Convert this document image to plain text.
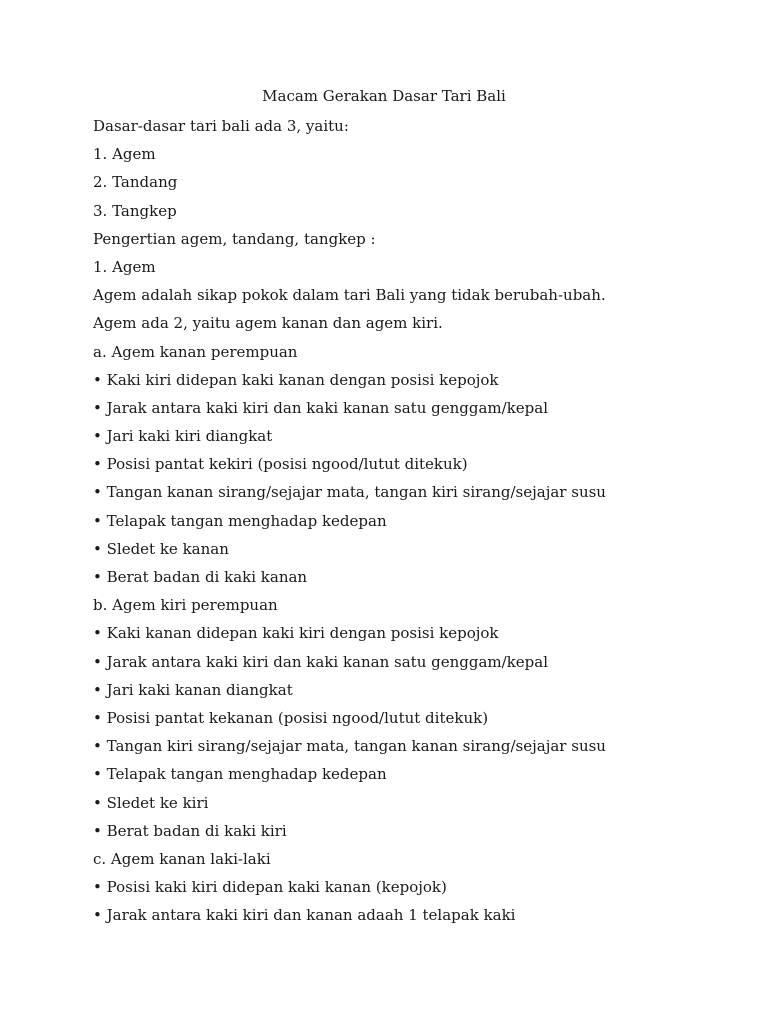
Macam Gerakan Dasar Tari Bali
Dasar-dasar tari bali ada 3, yaitu:
1. Agem
2. Tandang
3. Tangkep
Pengertian agem, tandang, tangkep :
1. Agem
Agem adalah sikap pokok dalam tari Bali yang tidak berubah-ubah.
Agem ada 2, yaitu agem kanan dan agem kiri.
a. Agem kanan perempuan
• Kaki kiri didepan kaki kanan dengan posisi kepojok
• Jarak antara kaki kiri dan kaki kanan satu genggam/kepal
• Jari kaki kiri diangkat
• Posisi pantat kekiri (posisi ngood/lutut ditekuk)
• Tangan kanan sirang/sejajar mata, tangan kiri sirang/sejajar susu
• Telapak tangan menghadap kedepan
• Sledet ke kanan
• Berat badan di kaki kanan
b. Agem kiri perempuan
• Kaki kanan didepan kaki kiri dengan posisi kepojok
• Jarak antara kaki kiri dan kaki kanan satu genggam/kepal
• Jari kaki kanan diangkat
• Posisi pantat kekanan (posisi ngood/lutut ditekuk)
• Tangan kiri sirang/sejajar mata, tangan kanan sirang/sejajar susu
• Telapak tangan menghadap kedepan
• Sledet ke kiri
• Berat badan di kaki kiri
c. Agem kanan laki-laki
• Posisi kaki kiri didepan kaki kanan (kepojok)
• Jarak antara kaki kiri dan kanan adaah 1 telapak kaki
